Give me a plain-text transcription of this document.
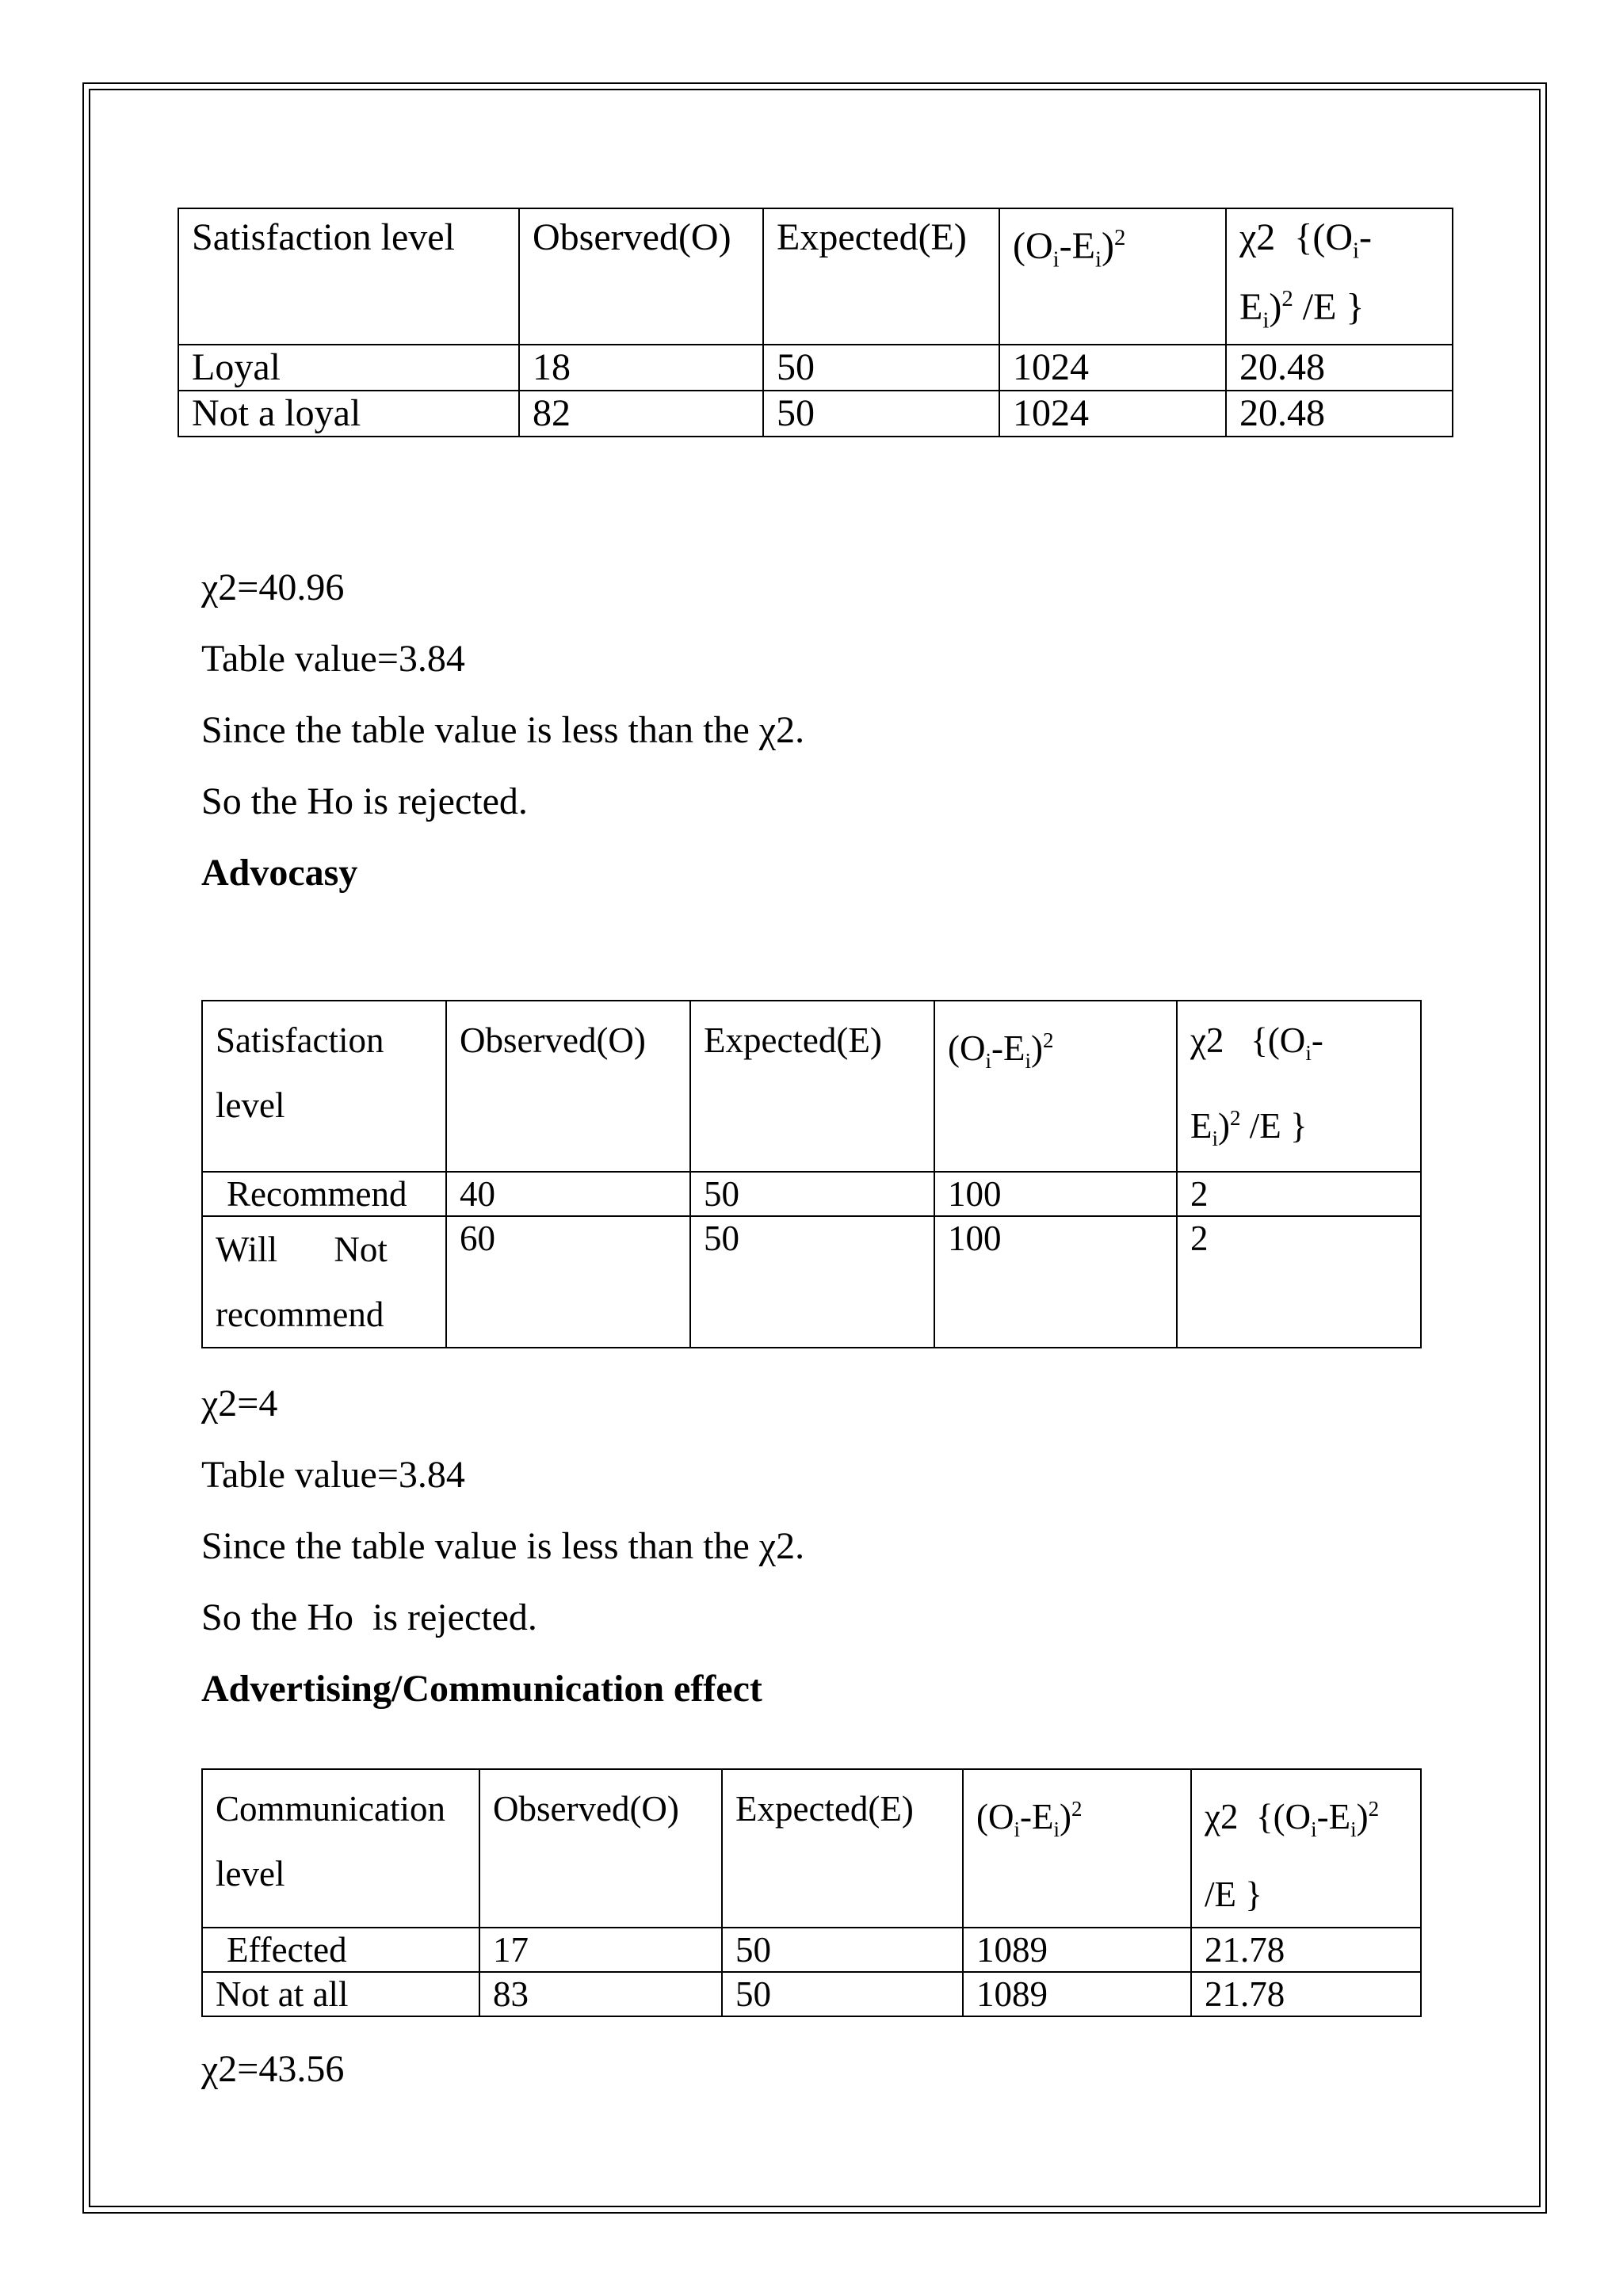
Satisfaction level	Observed(O)	Expected(E)	$(O_i-E_i)^2$	χ2  {($O_i-$
$E_i)^2$ /E }
Loyal	18	50	1024	20.48
Not a loyal	82	50	1024	20.48
χ2=40.96
Table value=3.84
Since the table value is less than the χ2.
So the Ho is rejected.
Advocasy
Satisfaction
level	Observed(O)	Expected(E)	$(O_i-E_i)^2$	χ2   {($O_i-$
$E_i)^2$ /E }
Recommend	40	50	100	2
Will Not recommend	60	50	100	2
χ2=4
Table value=3.84
Since the table value is less than the χ2.
So the Ho  is rejected.
Advertising/Communication effect
Communication
level	Observed(O)	Expected(E)	$(O_i-E_i)^2$	χ2  {$(O_i-E_i)^2$
/E }
Effected	17	50	1089	21.78
Not at all	83	50	1089	21.78
χ2=43.56
